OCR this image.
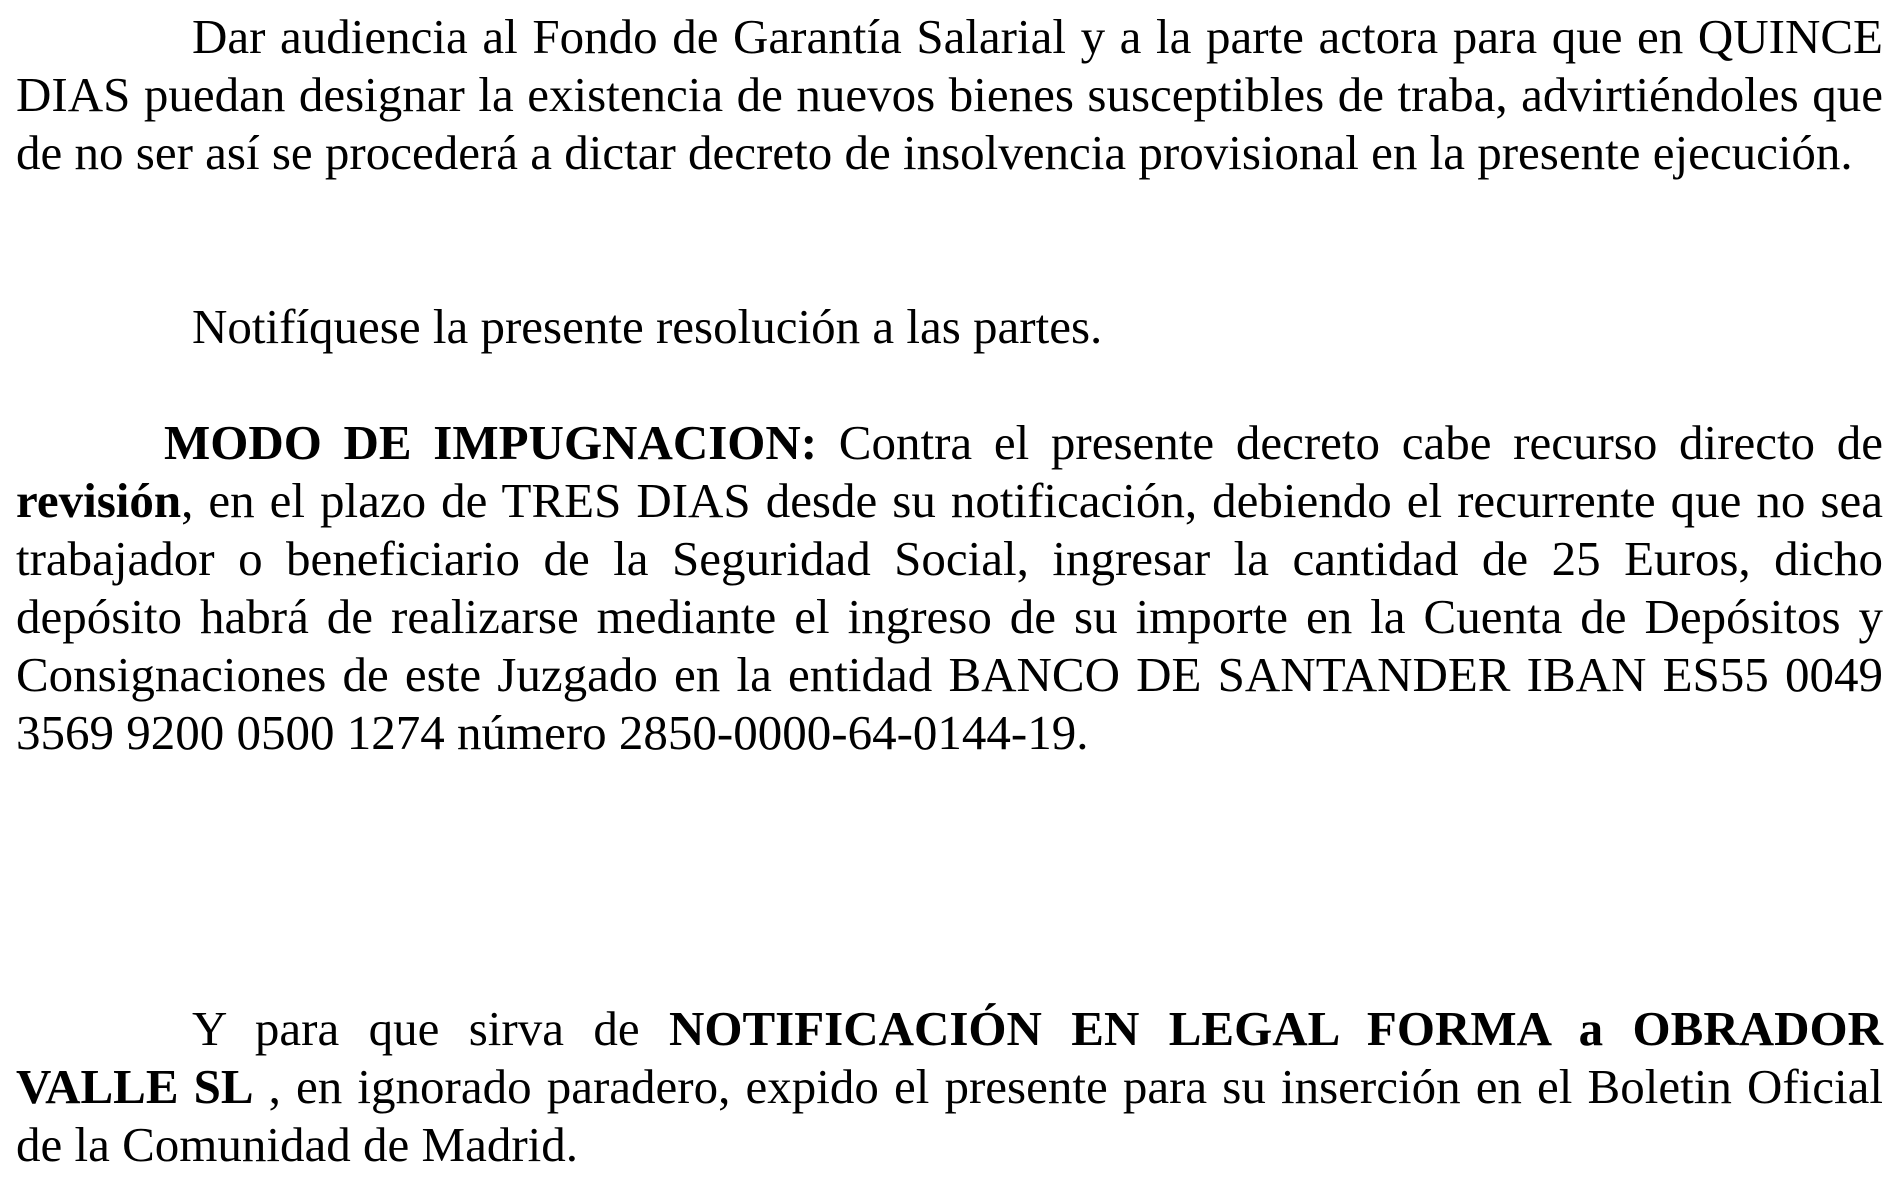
Dar audiencia al Fondo de Garantía Salarial y a la parte actora para que en QUINCE DIAS puedan designar la existencia de nuevos bienes susceptibles de traba, advirtiéndoles que de no ser así se procederá a dictar decreto de insolvencia provisional en la presente ejecución.

Notifíquese la presente resolución a las partes.

MODO DE IMPUGNACION: Contra el presente decreto cabe recurso directo de revisión, en el plazo de TRES DIAS desde su notificación, debiendo el recurrente que no sea trabajador o beneficiario de la Seguridad Social, ingresar la cantidad de 25 Euros, dicho depósito habrá de realizarse mediante el ingreso de su importe en la Cuenta de Depósitos y Consignaciones de este Juzgado en la entidad BANCO DE SANTANDER IBAN ES55 0049 3569 9200 0500 1274 número 2850-0000-64-0144-19.

Y para que sirva de NOTIFICACIÓN EN LEGAL FORMA a OBRADOR VALLE SL , en ignorado paradero, expido el presente para su inserción en el Boletin Oficial de la Comunidad de Madrid.
